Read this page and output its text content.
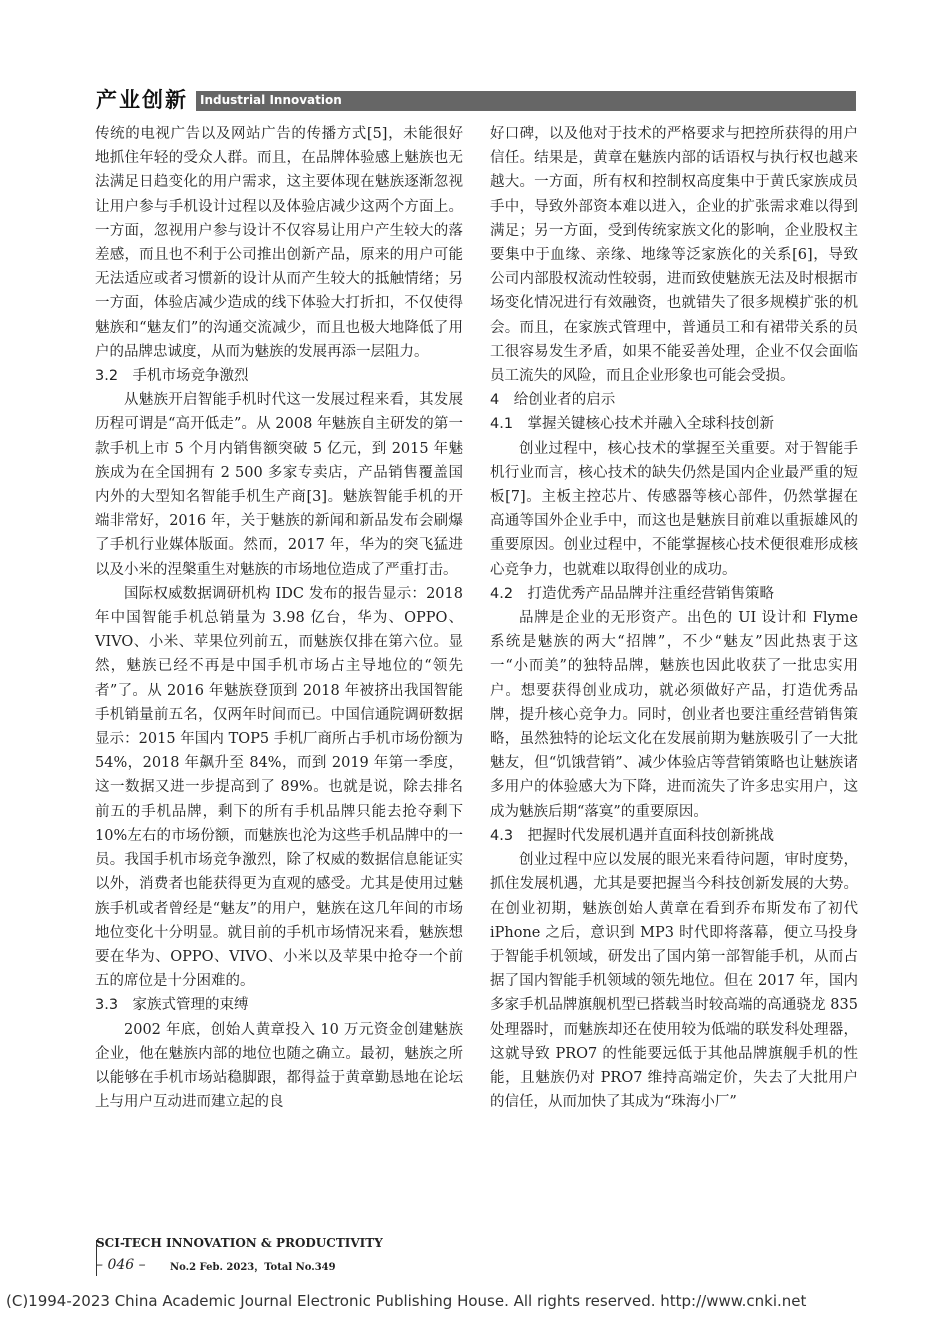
产业创新 Industrial Innovation

传统的电视广告以及网站广告的传播方式[5]，未能很好地抓住年轻的受众人群。而且，在品牌体验感上魅族也无法满足日趋变化的用户需求，这主要体现在魅族逐渐忽视让用户参与手机设计过程以及体验店减少这两个方面上。一方面，忽视用户参与设计不仅容易让用户产生较大的落差感，而且也不利于公司推出创新产品，原来的用户可能无法适应或者习惯新的设计从而产生较大的抵触情绪；另一方面，体验店减少造成的线下体验大打折扣，不仅使得魅族和“魅友们”的沟通交流减少，而且也极大地降低了用户的品牌忠诚度，从而为魅族的发展再添一层阻力。

3.2　手机市场竞争激烈

从魅族开启智能手机时代这一发展过程来看，其发展历程可谓是“高开低走”。从 2008 年魅族自主研发的第一款手机上市 5 个月内销售额突破 5 亿元，到 2015 年魅族成为在全国拥有 2 500 多家专卖店，产品销售覆盖国内外的大型知名智能手机生产商[3]。魅族智能手机的开端非常好，2016 年，关于魅族的新闻和新品发布会刷爆了手机行业媒体版面。然而，2017 年，华为的突飞猛进以及小米的涅槃重生对魅族的市场地位造成了严重打击。

国际权威数据调研机构 IDC 发布的报告显示：2018 年中国智能手机总销量为 3.98 亿台，华为、OPPO、VIVO、小米、苹果位列前五，而魅族仅排在第六位。显然，魅族已经不再是中国手机市场占主导地位的“领先者”了。从 2016 年魅族登顶到 2018 年被挤出我国智能手机销量前五名，仅两年时间而已。中国信通院调研数据显示：2015 年国内 TOP5 手机厂商所占手机市场份额为 54%，2018 年飙升至 84%，而到 2019 年第一季度，这一数据又进一步提高到了 89%。也就是说，除去排名前五的手机品牌，剩下的所有手机品牌只能去抢夺剩下 10%左右的市场份额，而魅族也沦为这些手机品牌中的一员。我国手机市场竞争激烈，除了权威的数据信息能证实以外，消费者也能获得更为直观的感受。尤其是使用过魅族手机或者曾经是“魅友”的用户，魅族在这几年间的市场地位变化十分明显。就目前的手机市场情况来看，魅族想要在华为、OPPO、VIVO、小米以及苹果中抢夺一个前五的席位是十分困难的。

3.3　家族式管理的束缚

2002 年底，创始人黄章投入 10 万元资金创建魅族企业，他在魅族内部的地位也随之确立。最初，魅族之所以能够在手机市场站稳脚跟，都得益于黄章勤恳地在论坛上与用户互动进而建立起的良

好口碑，以及他对于技术的严格要求与把控所获得的用户信任。结果是，黄章在魅族内部的话语权与执行权也越来越大。一方面，所有权和控制权高度集中于黄氏家族成员手中，导致外部资本难以进入，企业的扩张需求难以得到满足；另一方面，受到传统家族文化的影响，企业股权主要集中于血缘、亲缘、地缘等泛家族化的关系[6]，导致公司内部股权流动性较弱，进而致使魅族无法及时根据市场变化情况进行有效融资，也就错失了很多规模扩张的机会。而且，在家族式管理中，普通员工和有裙带关系的员工很容易发生矛盾，如果不能妥善处理，企业不仅会面临员工流失的风险，而且企业形象也可能会受损。

4　给创业者的启示
4.1　掌握关键核心技术并融入全球科技创新

创业过程中，核心技术的掌握至关重要。对于智能手机行业而言，核心技术的缺失仍然是国内企业最严重的短板[7]。主板主控芯片、传感器等核心部件，仍然掌握在高通等国外企业手中，而这也是魅族目前难以重振雄风的重要原因。创业过程中，不能掌握核心技术便很难形成核心竞争力，也就难以取得创业的成功。

4.2　打造优秀产品品牌并注重经营销售策略

品牌是企业的无形资产。出色的 UI 设计和 Flyme 系统是魅族的两大“招牌”，不少“魅友”因此热衷于这一“小而美”的独特品牌，魅族也因此收获了一批忠实用户。想要获得创业成功，就必须做好产品，打造优秀品牌，提升核心竞争力。同时，创业者也要注重经营销售策略，虽然独特的论坛文化在发展前期为魅族吸引了一大批魅友，但“饥饿营销”、减少体验店等营销策略也让魅族诸多用户的体验感大为下降，进而流失了许多忠实用户，这成为魅族后期“落寞”的重要原因。

4.3　把握时代发展机遇并直面科技创新挑战

创业过程中应以发展的眼光来看待问题，审时度势，抓住发展机遇，尤其是要把握当今科技创新发展的大势。在创业初期，魅族创始人黄章在看到乔布斯发布了初代 iPhone 之后，意识到 MP3 时代即将落幕，便立马投身于智能手机领域，研发出了国内第一部智能手机，从而占据了国内智能手机领域的领先地位。但在 2017 年，国内多家手机品牌旗舰机型已搭载当时较高端的高通骁龙 835 处理器时，而魅族却还在使用较为低端的联发科处理器，这就导致 PRO7 的性能要远低于其他品牌旗舰手机的性能，且魅族仍对 PRO7 维持高端定价，失去了大批用户的信任，从而加快了其成为“珠海小厂”

SCI-TECH INNOVATION & PRODUCTIVITY
– 046 – No.2 Feb. 2023，Total No.349
(C)1994-2023 China Academic Journal Electronic Publishing House. All rights reserved. http://www.cnki.net
